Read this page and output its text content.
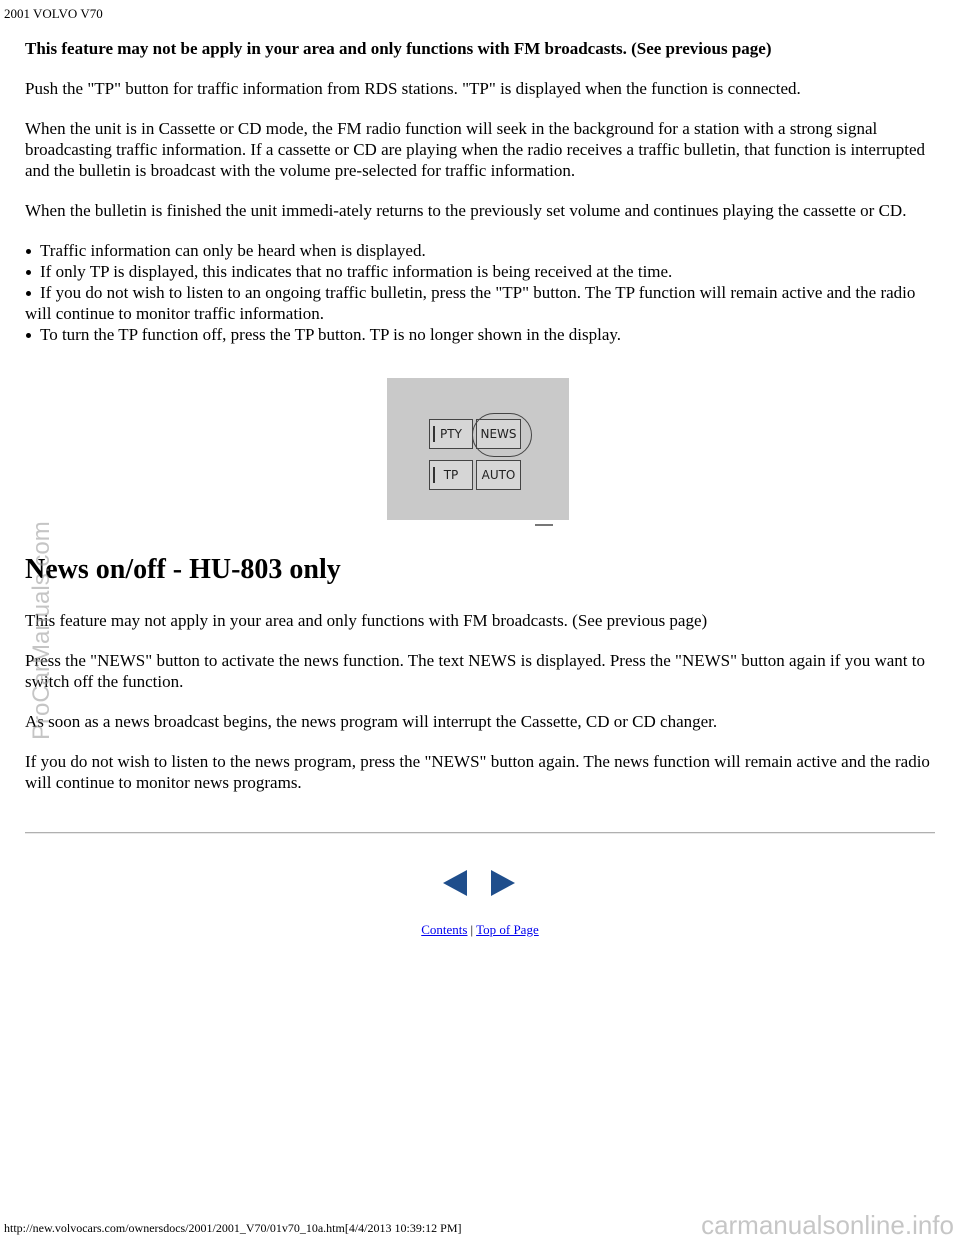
2001 VOLVO V70

This feature may not be apply in your area and only functions with FM broadcasts. (See previous page)

Push the "TP" button for traffic information from RDS stations. "TP" is displayed when the function is connected.

When the unit is in Cassette or CD mode, the FM radio function will seek in the background for a station with a strong signal broadcasting traffic information. If a cassette or CD are playing when the radio receives a traffic bulletin, that function is interrupted and the bulletin is broadcast with the volume pre-selected for traffic information.

When the bulletin is finished the unit immedi-ately returns to the previously set volume and continues playing the cassette or CD.

Traffic information can only be heard when is displayed.
If only TP is displayed, this indicates that no traffic information is being received at the time.
If you do not wish to listen to an ongoing traffic bulletin, press the "TP" button. The TP function will remain active and the radio will continue to monitor traffic information.
To turn the TP function off, press the TP button. TP is no longer shown in the display.
PTY NEWS
TP AUTO
News on/off - HU-803 only

This feature may not apply in your area and only functions with FM broadcasts. (See previous page)

Press the "NEWS" button to activate the news function. The text NEWS is displayed. Press the "NEWS" button again if you want to switch off the function.

As soon as a news broadcast begins, the news program will interrupt the Cassette, CD or CD changer.

If you do not wish to listen to the news program, press the "NEWS" button again. The news function will remain active and the radio will continue to monitor news programs.

Contents | Top of Page
http://new.volvocars.com/ownersdocs/2001/2001_V70/01v70_10a.htm[4/4/2013 10:39:12 PM]
ProCarManuals.com
carmanualsonline.info
